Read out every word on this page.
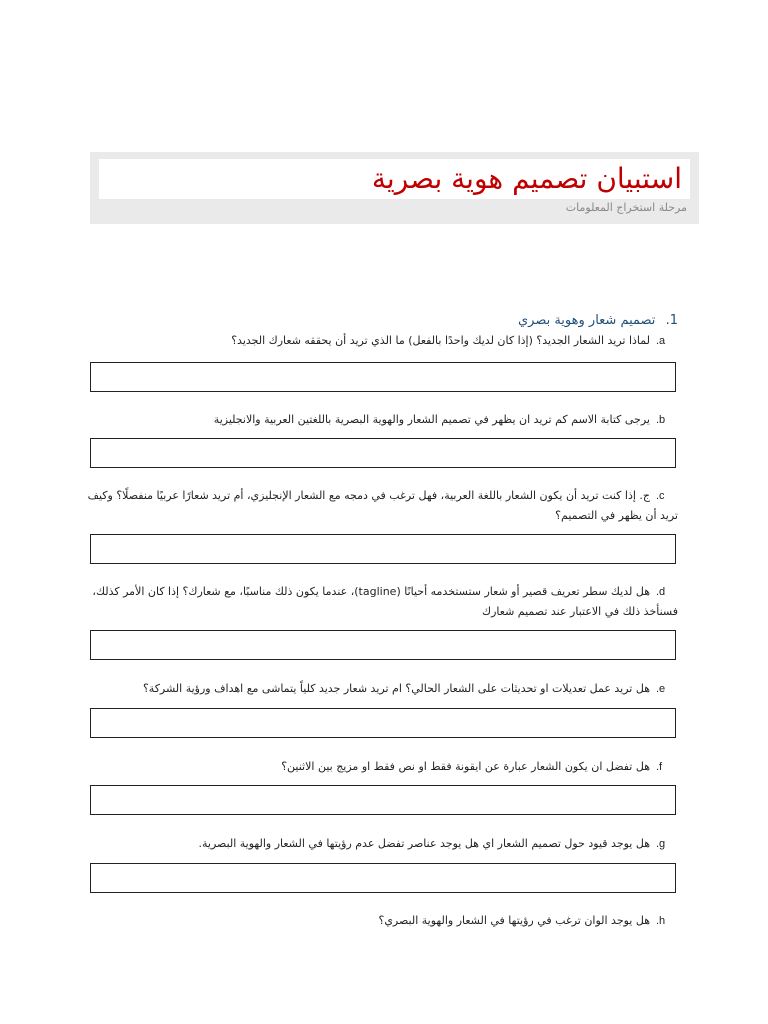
استبيان تصميم هوية بصرية
مرحلة استخراج المعلومات
1. تصميم شعار وهوية بصري
.aلماذا تريد الشعار الجديد؟ (إذا كان لديك واحدًا بالفعل) ما الذي تريد أن يحققه شعارك الجديد؟
.bيرجى كتابة الاسم كم تريد ان يظهر في تصميم الشعار والهوية البصرية باللغتين العربية والانجليزية
.cج. إذا كنت تريد أن يكون الشعار باللغة العربية، فهل ترغب في دمجه مع الشعار الإنجليزي، أم تريد شعارًا عربيًا منفصلًا؟ وكيف تريد أن يظهر في التصميم؟
.dهل لديك سطر تعريف قصير أو شعار ستستخدمه أحيانًا (tagline)، عندما يكون ذلك مناسبًا، مع شعارك؟ إذا كان الأمر كذلك، فسنأخذ ذلك في الاعتبار عند تصميم شعارك
.eهل تريد عمل تعديلات او تحديثات على الشعار الحالي؟ ام تريد شعار جديد كلياً يتماشى مع اهداف ورؤية الشركة؟
.fهل تفضل ان يكون الشعار عبارة عن ايقونة فقط او نص فقط او مزيج بين الاثنين؟
.gهل يوجد قيود حول تصميم الشعار اي هل يوجد عناصر تفضل عدم رؤيتها في الشعار والهوية البصرية.
.hهل يوجد الوان ترغب في رؤيتها في الشعار والهوية البصري؟
